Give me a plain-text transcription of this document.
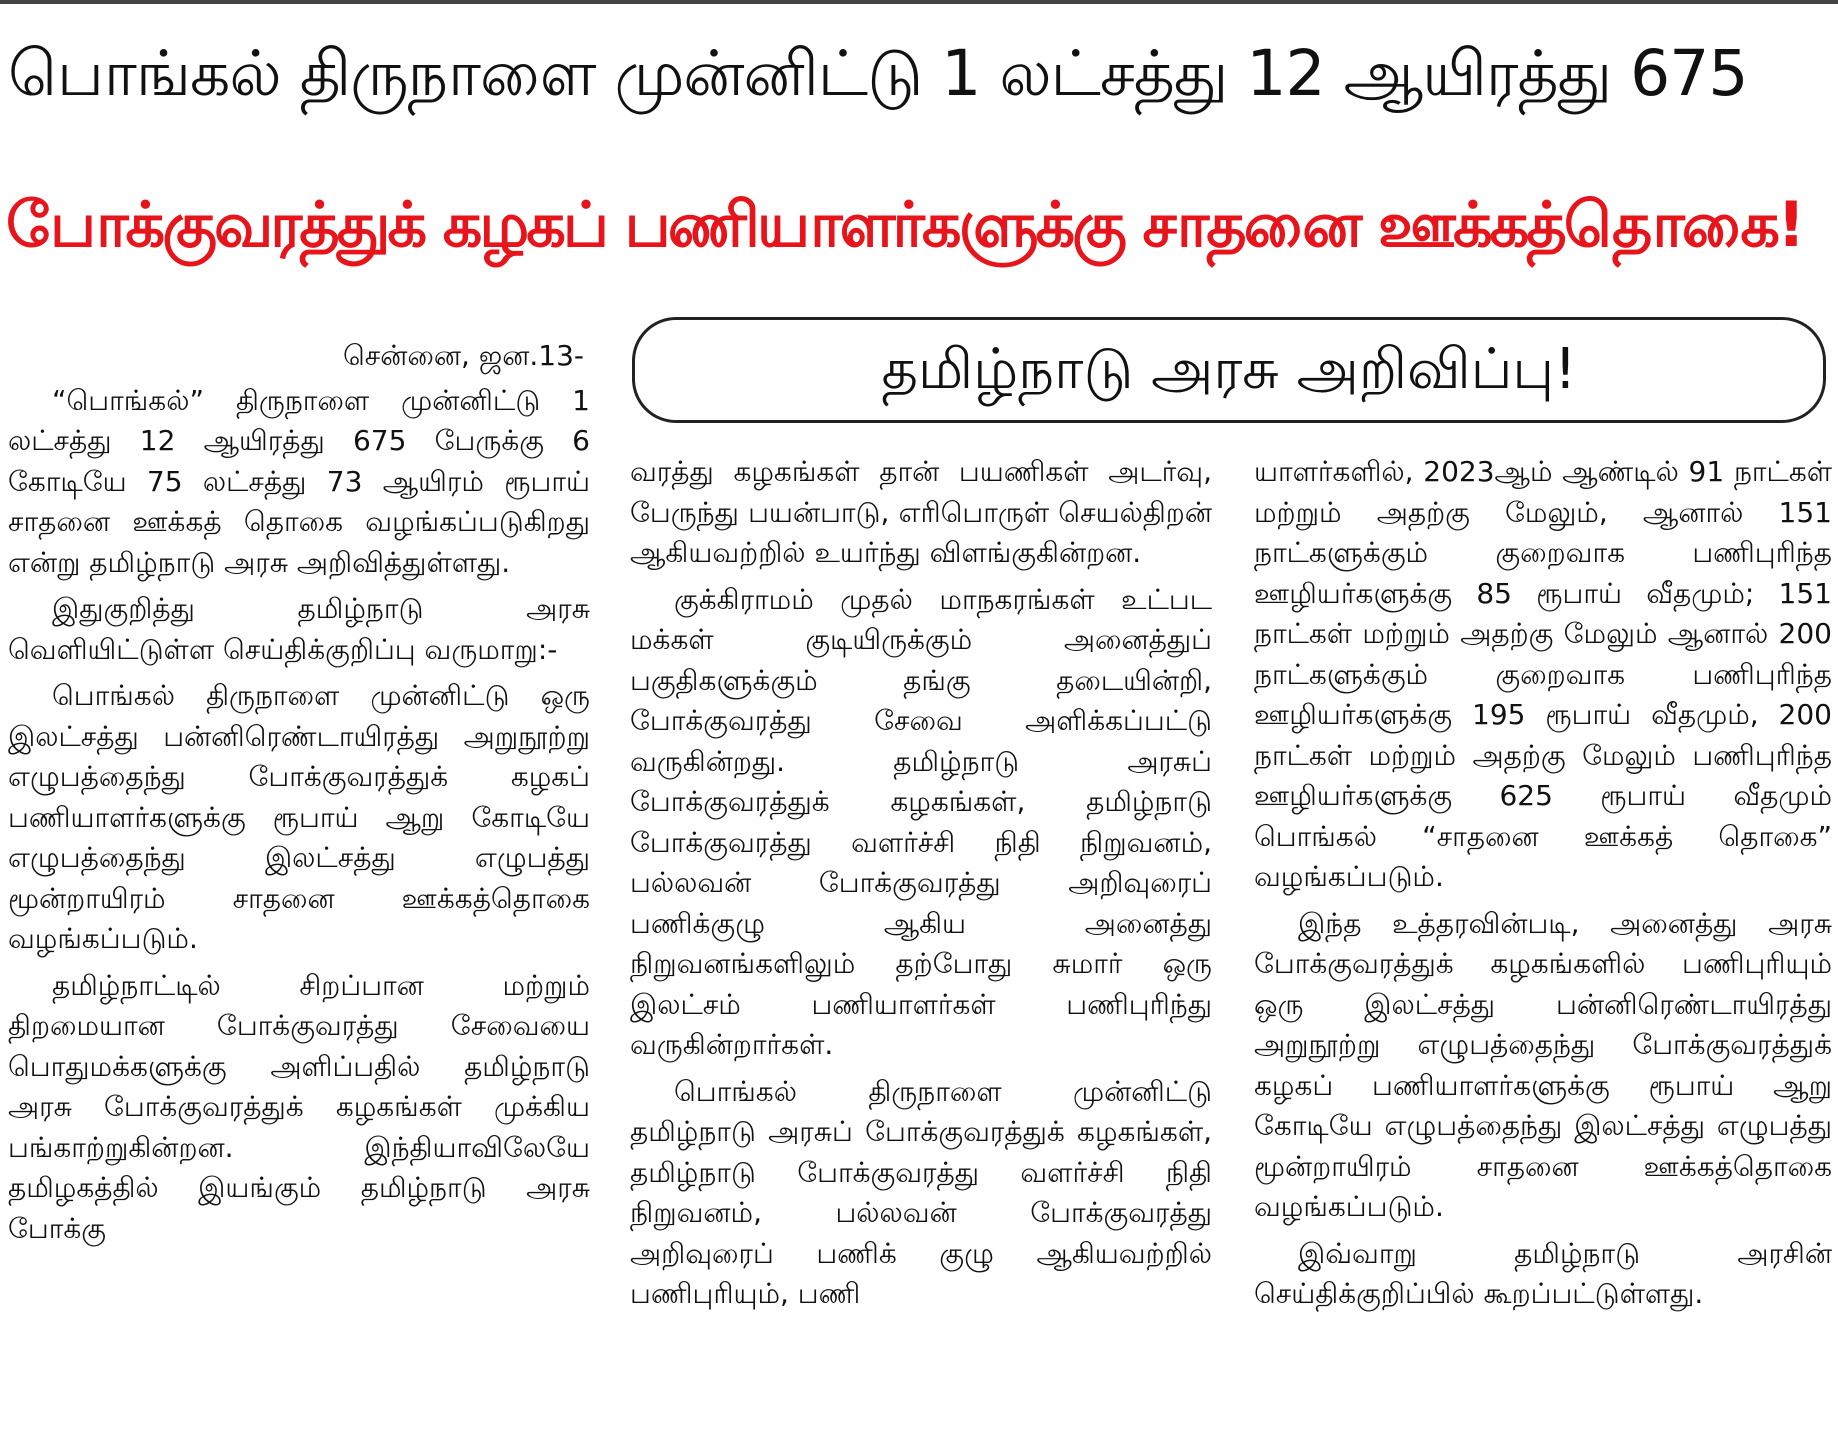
பொங்கல் திருநாளை முன்னிட்டு 1 லட்சத்து 12 ஆயிரத்து 675
போக்குவரத்துக் கழகப் பணியாளர்களுக்கு சாதனை ஊக்கத்தொகை!
தமிழ்நாடு அரசு அறிவிப்பு!
சென்னை, ஜன.13-

“பொங்கல்” திருநாளை முன்னிட்டு 1 லட்சத்து 12 ஆயிரத்து 675 பேருக்கு 6 கோடியே 75 லட்சத்து 73 ஆயிரம் ரூபாய் சாதனை ஊக்கத் தொகை வழங்கப்படுகிறது என்று தமிழ்நாடு அரசு அறிவித்துள்ளது.

இதுகுறித்து தமிழ்நாடு அரசு வெளியிட்டுள்ள செய்திக்குறிப்பு வருமாறு:-

பொங்கல் திருநாளை முன்னிட்டு ஒரு இலட்சத்து பன்னிரெண்டாயிரத்து அறுநூற்று எழுபத்தைந்து போக்குவரத்துக் கழகப் பணியாளர்களுக்கு ரூபாய் ஆறு கோடியே எழுபத்தைந்து இலட்சத்து எழுபத்து மூன்றாயிரம் சாதனை ஊக்கத்தொகை வழங்கப்படும்.

தமிழ்நாட்டில் சிறப்பான மற்றும் திறமையான போக்குவரத்து சேவையை பொதுமக்களுக்கு அளிப்பதில் தமிழ்நாடு அரசு போக்குவரத்துக் கழகங்கள் முக்கிய பங்காற்றுகின்றன. இந்தியாவிலேயே தமிழகத்தில் இயங்கும் தமிழ்நாடு அரசு போக்கு

வரத்து கழகங்கள் தான் பயணிகள் அடர்வு, பேருந்து பயன்பாடு, எரிபொருள் செயல்திறன் ஆகியவற்றில் உயர்ந்து விளங்குகின்றன.

குக்கிராமம் முதல் மாநகரங்கள் உட்பட மக்கள் குடியிருக்கும் அனைத்துப் பகுதிகளுக்கும் தங்கு தடையின்றி, போக்குவரத்து சேவை அளிக்கப்பட்டு வருகின்றது. தமிழ்நாடு அரசுப் போக்குவரத்துக் கழகங்கள், தமிழ்நாடு போக்குவரத்து வளர்ச்சி நிதி நிறுவனம், பல்லவன் போக்குவரத்து அறிவுரைப் பணிக்குழு ஆகிய அனைத்து நிறுவனங்களிலும் தற்போது சுமார் ஒரு இலட்சம் பணியாளர்கள் பணிபுரிந்து வருகின்றார்கள்.

பொங்கல் திருநாளை முன்னிட்டு தமிழ்நாடு அரசுப் போக்குவரத்துக் கழகங்கள், தமிழ்நாடு போக்குவரத்து வளர்ச்சி நிதி நிறுவனம், பல்லவன் போக்குவரத்து அறிவுரைப் பணிக் குழு ஆகியவற்றில் பணிபுரியும், பணி

யாளர்களில், 2023ஆம் ஆண்டில் 91 நாட்கள் மற்றும் அதற்கு மேலும், ஆனால் 151 நாட்களுக்கும் குறைவாக பணிபுரிந்த ஊழியர்களுக்கு 85 ரூபாய் வீதமும்; 151 நாட்கள் மற்றும் அதற்கு மேலும் ஆனால் 200 நாட்களுக்கும் குறைவாக பணிபுரிந்த ஊழியர்களுக்கு 195 ரூபாய் வீதமும், 200 நாட்கள் மற்றும் அதற்கு மேலும் பணிபுரிந்த ஊழியர்களுக்கு 625 ரூபாய் வீதமும் பொங்கல் “சாதனை ஊக்கத் தொகை” வழங்கப்படும்.

இந்த உத்தரவின்படி, அனைத்து அரசு போக்குவரத்துக் கழகங்களில் பணிபுரியும் ஒரு இலட்சத்து பன்னிரெண்டாயிரத்து அறுநூற்று எழுபத்தைந்து போக்குவரத்துக் கழகப் பணியாளர்களுக்கு ரூபாய் ஆறு கோடியே எழுபத்தைந்து இலட்சத்து எழுபத்து மூன்றாயிரம் சாதனை ஊக்கத்தொகை வழங்கப்படும்.

இவ்வாறு தமிழ்நாடு அரசின் செய்திக்குறிப்பில் கூறப்பட்டுள்ளது.
